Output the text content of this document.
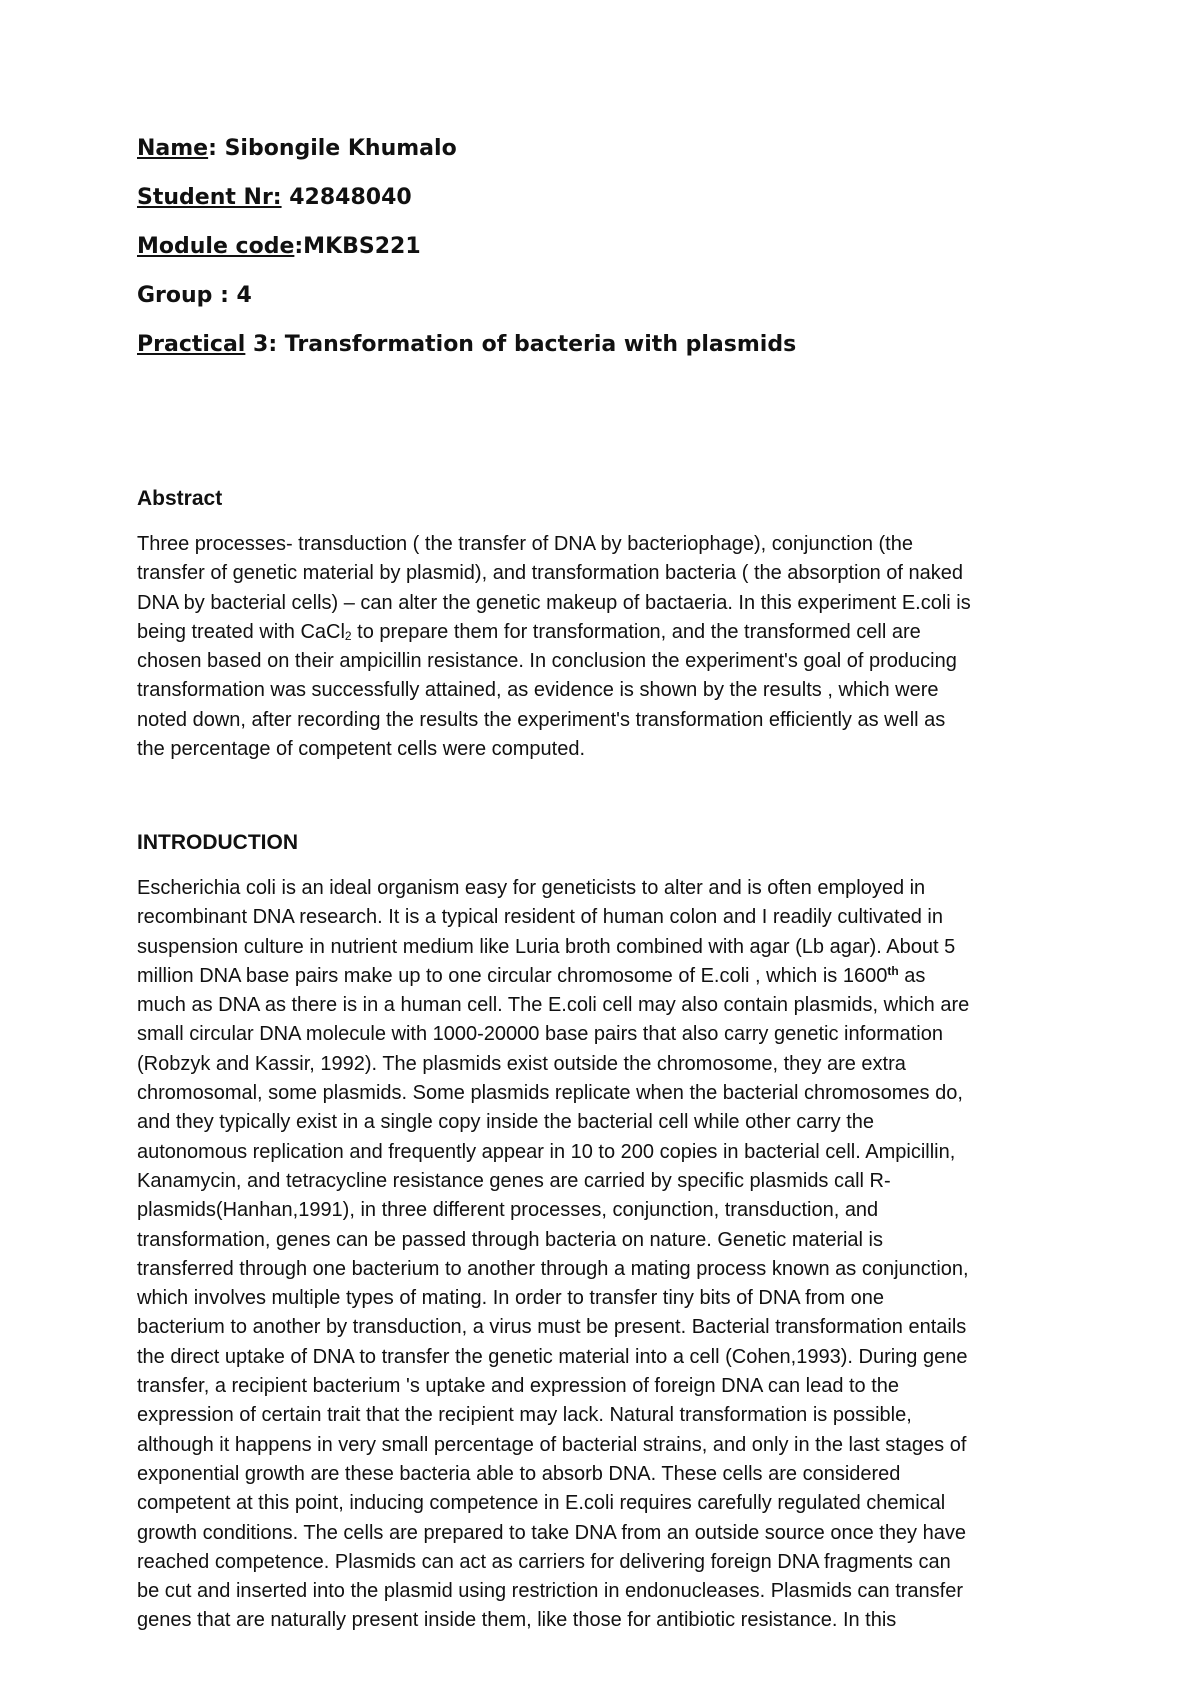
Name: Sibongile Khumalo
Student Nr: 42848040
Module code:MKBS221
Group : 4
Practical 3: Transformation of bacteria with plasmids
Abstract
Three processes- transduction ( the transfer of DNA by bacteriophage), conjunction (the
transfer of genetic material by plasmid), and transformation bacteria ( the absorption of naked
DNA by bacterial cells) – can alter the genetic makeup of bactaeria. In this experiment E.coli is
being treated with CaCl$_2$ to prepare them for transformation, and the transformed cell are
chosen based on their ampicillin resistance. In conclusion the experiment's goal of producing
transformation was successfully attained, as evidence is shown by the results , which were
noted down, after recording the results the experiment's transformation efficiently as well as
the percentage of competent cells were computed.
INTRODUCTION
Escherichia coli is an ideal organism easy for geneticists to alter and is often employed in
recombinant DNA research. It is a typical resident of human colon and I readily cultivated in
suspension culture in nutrient medium like Luria broth combined with agar (Lb agar). About 5
million DNA base pairs make up to one circular chromosome of E.coli , which is 1600th as
much as DNA as there is in a human cell. The E.coli cell may also contain plasmids, which are
small circular DNA molecule with 1000-20000 base pairs that also carry genetic information
(Robzyk and Kassir, 1992). The plasmids exist outside the chromosome, they are extra
chromosomal, some plasmids. Some plasmids replicate when the bacterial chromosomes do,
and they typically exist in a single copy inside the bacterial cell while other carry the
autonomous replication and frequently appear in 10 to 200 copies in bacterial cell. Ampicillin,
Kanamycin, and tetracycline resistance genes are carried by specific plasmids call R-
plasmids(Hanhan,1991), in three different processes, conjunction, transduction, and
transformation, genes can be passed through bacteria on nature. Genetic material is
transferred through one bacterium to another through a mating process known as conjunction,
which involves multiple types of mating. In order to transfer tiny bits of DNA from one
bacterium to another by transduction, a virus must be present. Bacterial transformation entails
the direct uptake of DNA to transfer the genetic material into a cell (Cohen,1993). During gene
transfer, a recipient bacterium 's uptake and expression of foreign DNA can lead to the
expression of certain trait that the recipient may lack. Natural transformation is possible,
although it happens in very small percentage of bacterial strains, and only in the last stages of
exponential growth are these bacteria able to absorb DNA. These cells are considered
competent at this point, inducing competence in E.coli requires carefully regulated chemical
growth conditions. The cells are prepared to take DNA from an outside source once they have
reached competence. Plasmids can act as carriers for delivering foreign DNA fragments can
be cut and inserted into the plasmid using restriction in endonucleases. Plasmids can transfer
genes that are naturally present inside them, like those for antibiotic resistance. In this
